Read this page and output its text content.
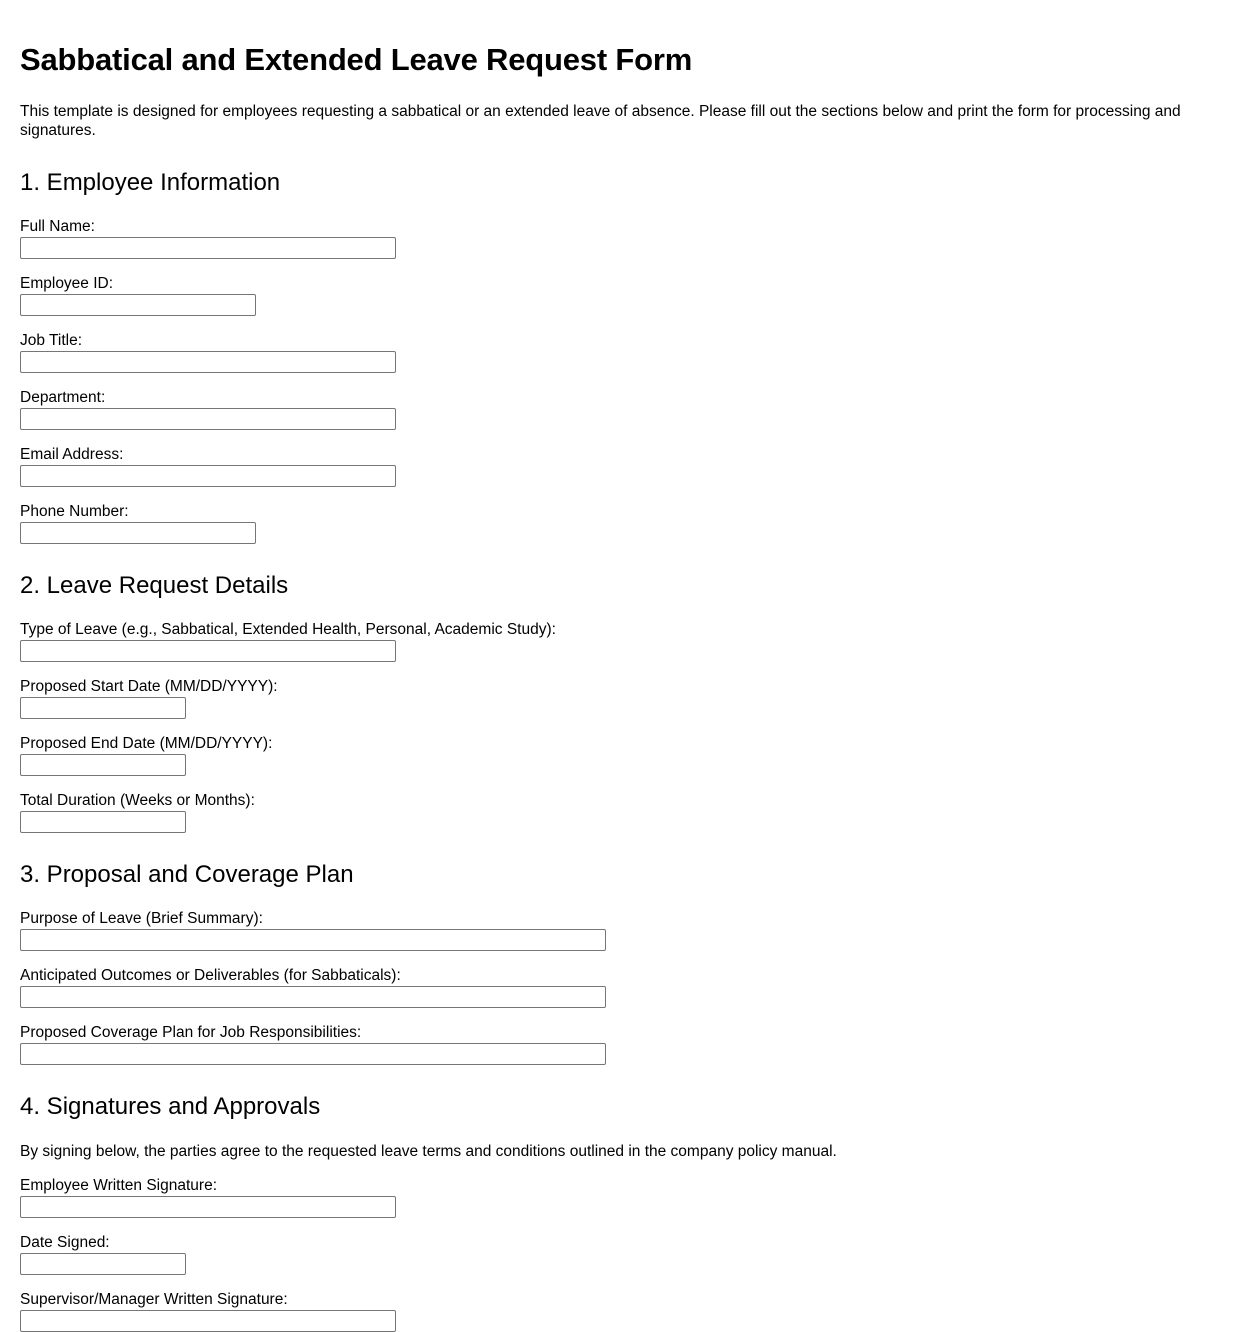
Sabbatical and Extended Leave Request Form

This template is designed for employees requesting a sabbatical or an extended leave of absence. Please fill out the sections below and print the form for processing and signatures.

1. Employee Information
Full Name:
Employee ID:
Job Title:
Department:
Email Address:
Phone Number:
2. Leave Request Details
Type of Leave (e.g., Sabbatical, Extended Health, Personal, Academic Study):
Proposed Start Date (MM/DD/YYYY):
Proposed End Date (MM/DD/YYYY):
Total Duration (Weeks or Months):
3. Proposal and Coverage Plan
Purpose of Leave (Brief Summary):
Anticipated Outcomes or Deliverables (for Sabbaticals):
Proposed Coverage Plan for Job Responsibilities:
4. Signatures and Approvals

By signing below, the parties agree to the requested leave terms and conditions outlined in the company policy manual.

Employee Written Signature:
Date Signed:
Supervisor/Manager Written Signature:
